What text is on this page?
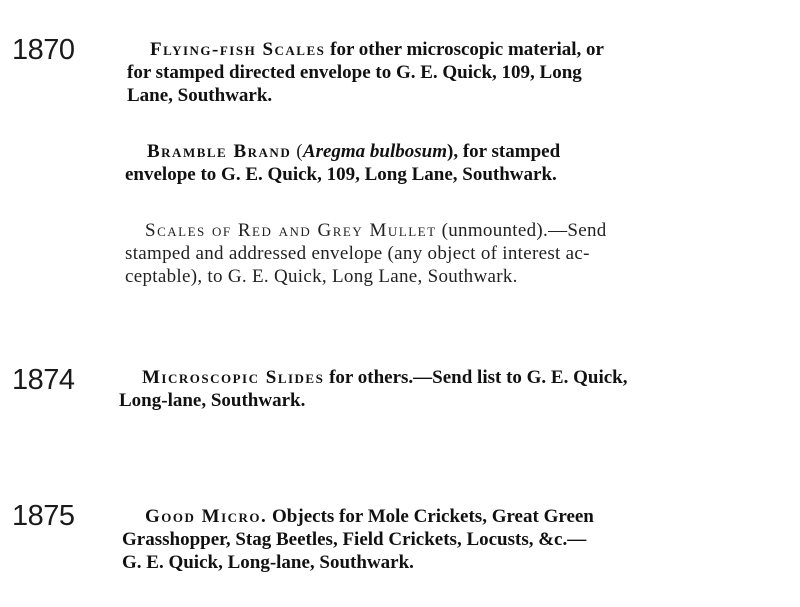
1870	Flying-fish Scales for other microscopic material, or
for stamped directed envelope to G. E. Quick, 109, Long
Lane, Southwark.
Bramble Brand (Aregma bulbosum), for stamped
envelope to G. E. Quick, 109, Long Lane, Southwark.
Scales of Red and Grey Mullet (unmounted).—Send
stamped and addressed envelope (any object of interest ac-
ceptable), to G. E. Quick, Long Lane, Southwark.
1874	Microscopic Slides for others.—Send list to G. E. Quick,
Long-lane, Southwark.
1875	Good Micro. Objects for Mole Crickets, Great Green
Grasshopper, Stag Beetles, Field Crickets, Locusts, &c.—
G. E. Quick, Long-lane, Southwark.
